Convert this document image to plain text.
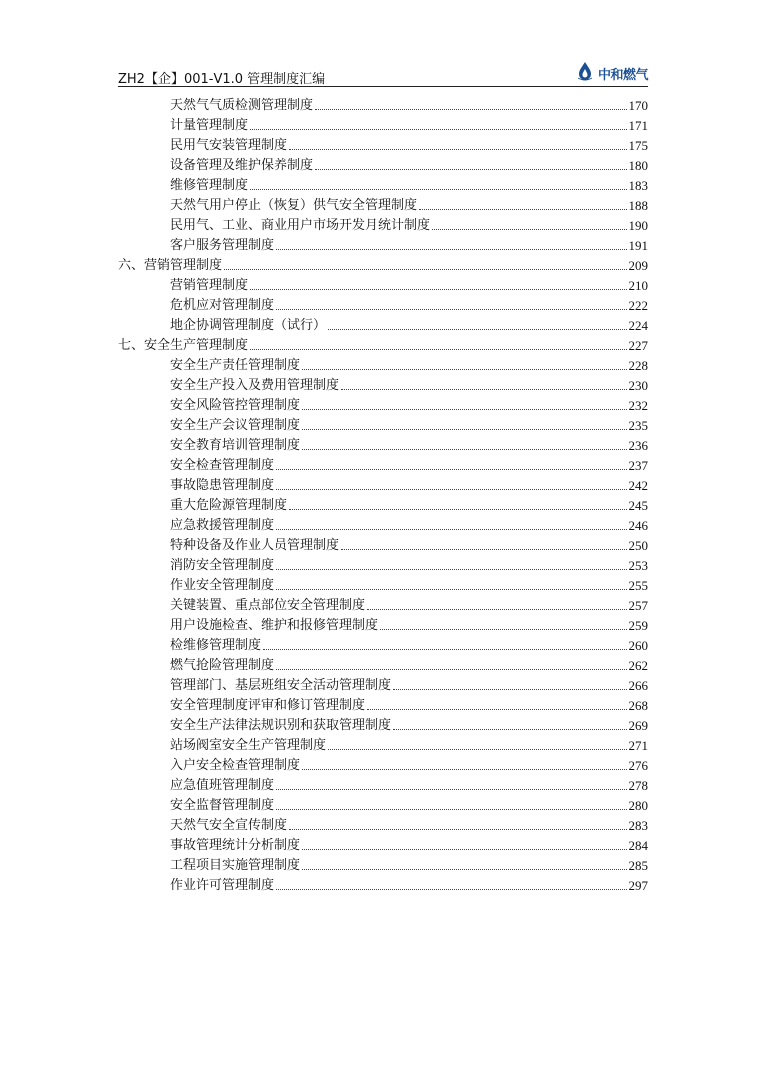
ZH2【企】001-V1.0 管理制度汇编	中和燃气
天然气气质检测管理制度	170
计量管理制度	171
民用气安装管理制度	175
设备管理及维护保养制度	180
维修管理制度	183
天然气用户停止（恢复）供气安全管理制度	188
民用气、工业、商业用户市场开发月统计制度	190
客户服务管理制度	191
六、营销管理制度	209
营销管理制度	210
危机应对管理制度	222
地企协调管理制度（试行）	224
七、安全生产管理制度	227
安全生产责任管理制度	228
安全生产投入及费用管理制度	230
安全风险管控管理制度	232
安全生产会议管理制度	235
安全教育培训管理制度	236
安全检查管理制度	237
事故隐患管理制度	242
重大危险源管理制度	245
应急救援管理制度	246
特种设备及作业人员管理制度	250
消防安全管理制度	253
作业安全管理制度	255
关键装置、重点部位安全管理制度	257
用户设施检查、维护和报修管理制度	259
检维修管理制度	260
燃气抢险管理制度	262
管理部门、基层班组安全活动管理制度	266
安全管理制度评审和修订管理制度	268
安全生产法律法规识别和获取管理制度	269
站场阀室安全生产管理制度	271
入户安全检查管理制度	276
应急值班管理制度	278
安全监督管理制度	280
天然气安全宣传制度	283
事故管理统计分析制度	284
工程项目实施管理制度	285
作业许可管理制度	297
